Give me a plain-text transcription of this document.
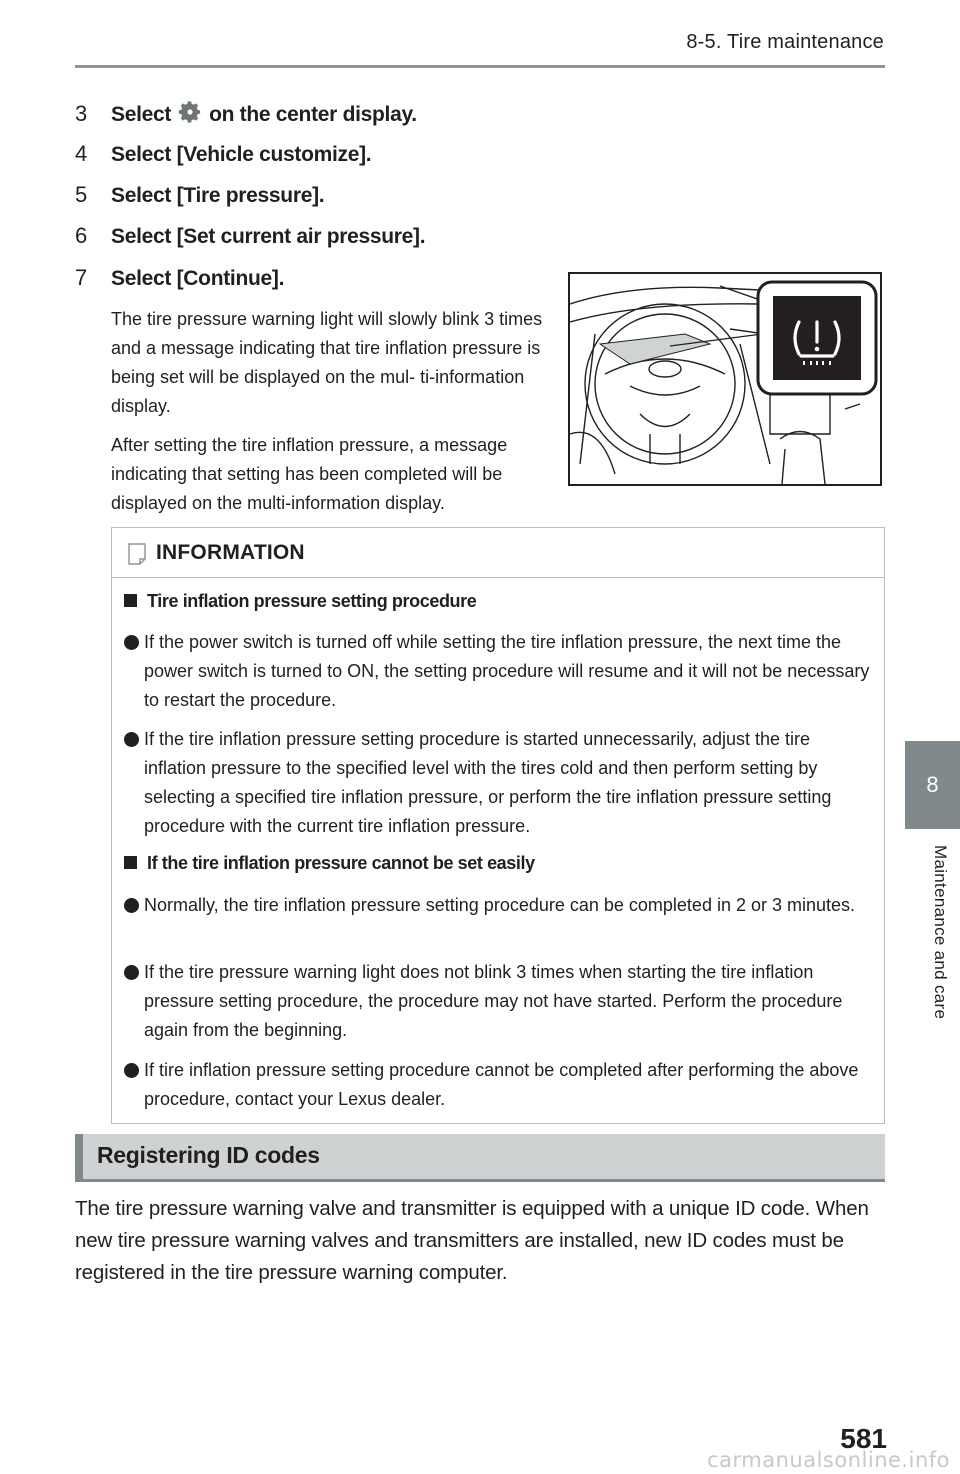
8-5. Tire maintenance
8
Maintenance and care
3 Select on the center display.
4 Select [Vehicle customize].
5 Select [Tire pressure].
6 Select [Set current air pressure].
7 Select [Continue].
The tire pressure warning light will slowly blink 3 times and a message indicating that tire inflation pressure is being set will be displayed on the mul- ti-information display.
After setting the tire inflation pressure, a message indicating that setting has been completed will be displayed on the multi-information display.
INFORMATION
Tire inflation pressure setting procedure
If the power switch is turned off while setting the tire inflation pressure, the next time the power switch is turned to ON, the setting procedure will resume and it will not be necessary to restart the procedure.
If the tire inflation pressure setting procedure is started unnecessarily, adjust the tire inflation pressure to the specified level with the tires cold and then perform setting by selecting a specified tire inflation pressure, or perform the tire inflation pressure setting procedure with the current tire inflation pressure.
If the tire inflation pressure cannot be set easily
Normally, the tire inflation pressure setting procedure can be completed in 2 or 3 minutes.
If the tire pressure warning light does not blink 3 times when starting the tire inflation pressure setting procedure, the procedure may not have started. Perform the procedure again from the beginning.
If tire inflation pressure setting procedure cannot be completed after performing the above procedure, contact your Lexus dealer.
Registering ID codes
The tire pressure warning valve and transmitter is equipped with a unique ID code. When new tire pressure warning valves and transmitters are installed, new ID codes must be registered in the tire pressure warning computer.
581
carmanualsonline.info
